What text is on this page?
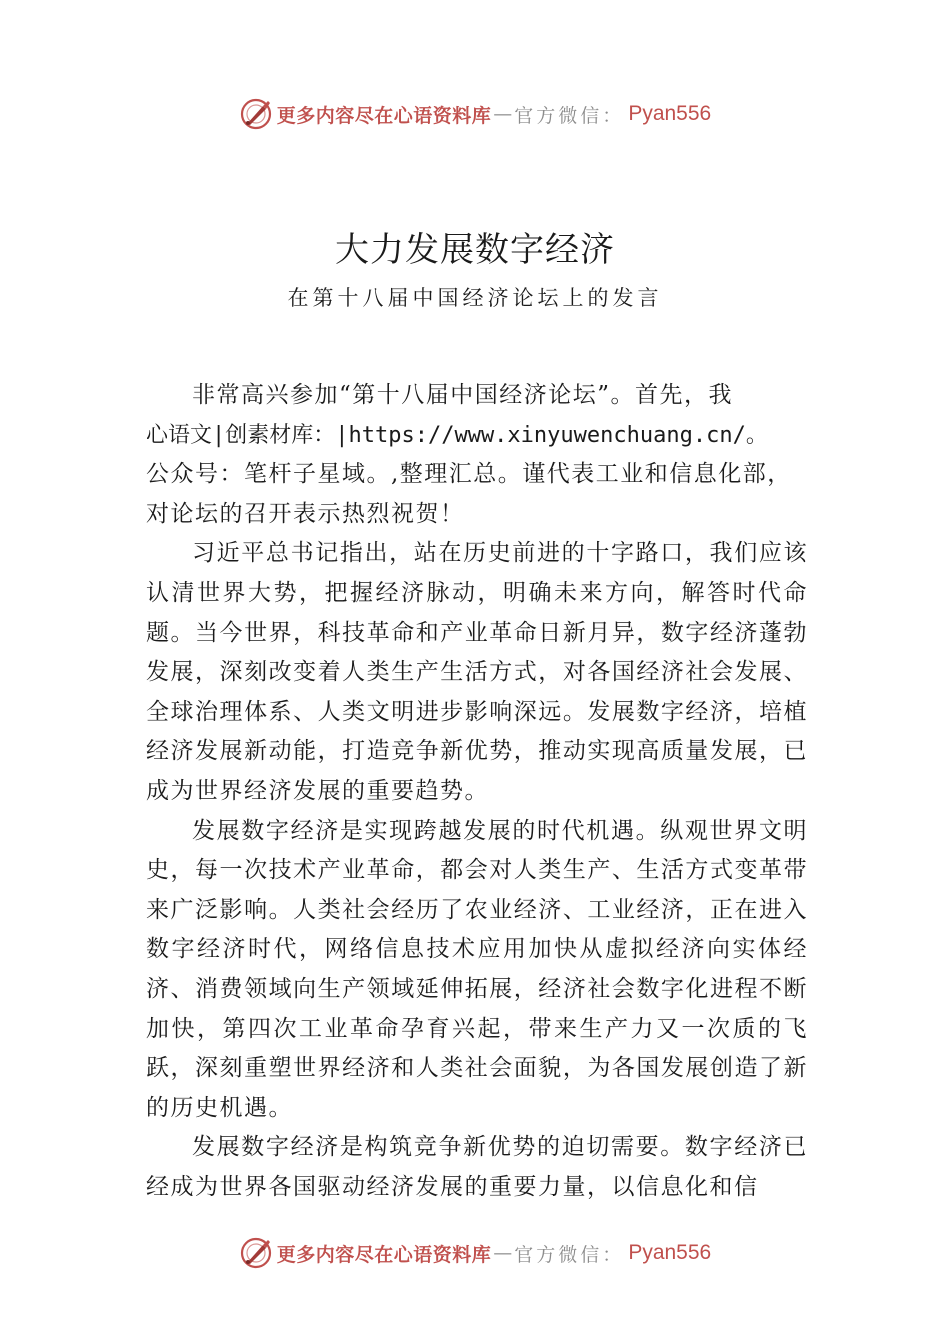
更多内容尽在心语资料库 — 官方微信： Pyan556
大力发展数字经济
在第十八届中国经济论坛上的发言

非常高兴参加“第十八届中国经济论坛”。首先，我
心语文|创素材库：|https://www.xinyuwenchuang.cn/。
公众号：笔杆子星域。,整理汇总。谨代表工业和信息化部，
对论坛的召开表示热烈祝贺！

习近平总书记指出，站在历史前进的十字路口，我们应该认清世界大势，把握经济脉动，明确未来方向，解答时代命题。当今世界，科技革命和产业革命日新月异，数字经济蓬勃发展，深刻改变着人类生产生活方式，对各国经济社会发展、全球治理体系、人类文明进步影响深远。发展数字经济，培植经济发展新动能，打造竞争新优势，推动实现高质量发展，已成为世界经济发展的重要趋势。

发展数字经济是实现跨越发展的时代机遇。纵观世界文明史，每一次技术产业革命，都会对人类生产、生活方式变革带来广泛影响。人类社会经历了农业经济、工业经济，正在进入数字经济时代，网络信息技术应用加快从虚拟经济向实体经济、消费领域向生产领域延伸拓展，经济社会数字化进程不断加快，第四次工业革命孕育兴起，带来生产力又一次质的飞跃，深刻重塑世界经济和人类社会面貌，为各国发展创造了新的历史机遇。

发展数字经济是构筑竞争新优势的迫切需要。数字经济已经成为世界各国驱动经济发展的重要力量，以信息化和信

更多内容尽在心语资料库 — 官方微信： Pyan556
